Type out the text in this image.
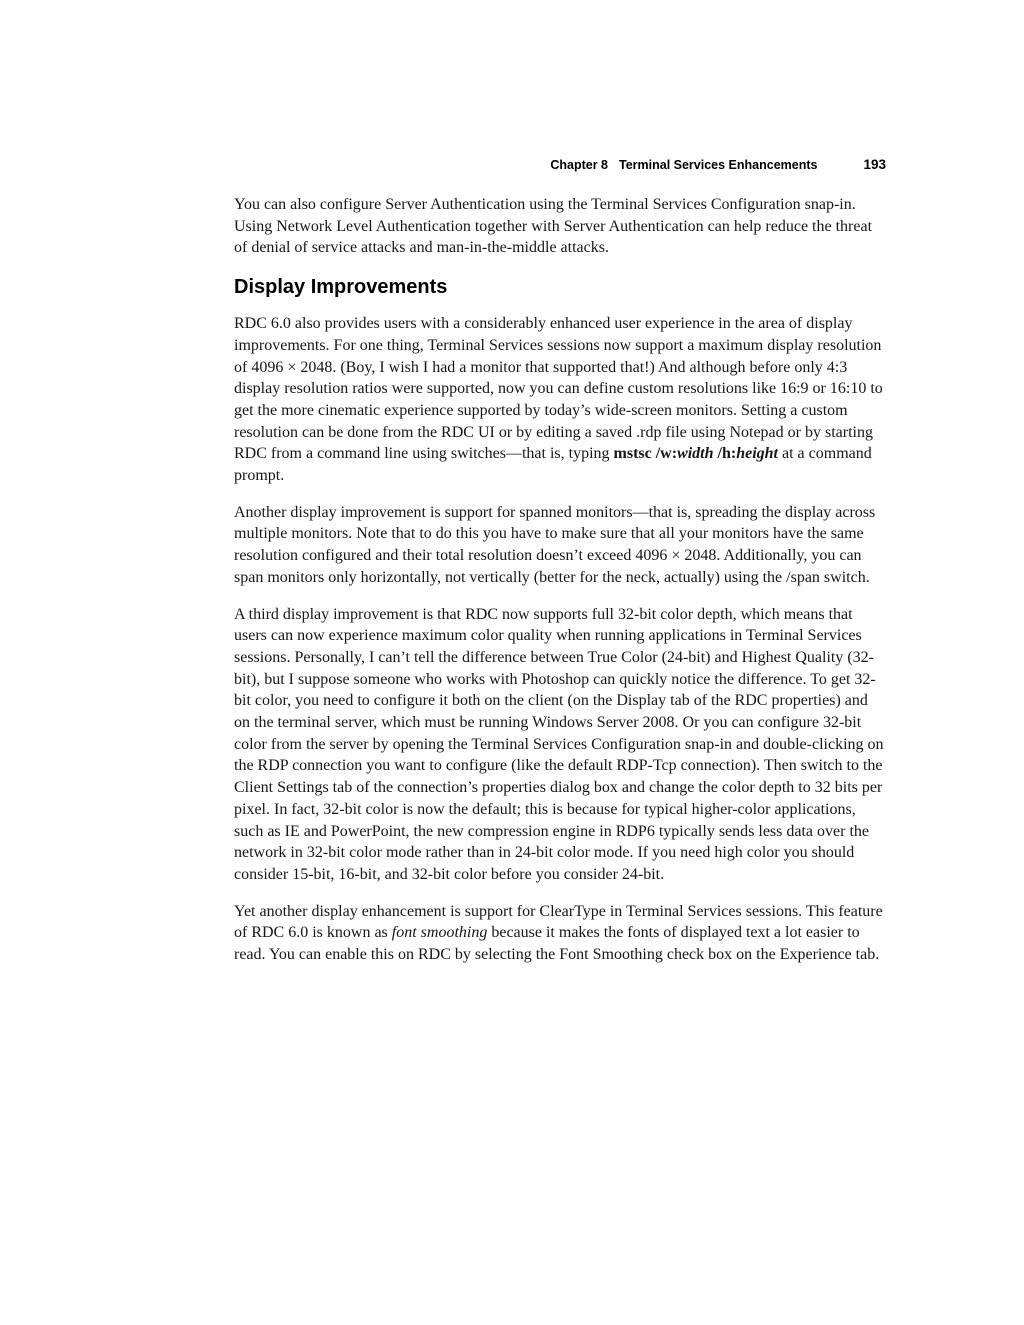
Chapter 8 Terminal Services Enhancements	193

You can also configure Server Authentication using the Terminal Services Configuration snap-in. Using Network Level Authentication together with Server Authentication can help reduce the threat of denial of service attacks and man-in-the-middle attacks.

Display Improvements

RDC 6.0 also provides users with a considerably enhanced user experience in the area of display improvements. For one thing, Terminal Services sessions now support a maximum display resolution of 4096 × 2048. (Boy, I wish I had a monitor that supported that!) And although before only 4:3 display resolution ratios were supported, now you can define custom resolutions like 16:9 or 16:10 to get the more cinematic experience supported by today’s wide-screen monitors. Setting a custom resolution can be done from the RDC UI or by editing a saved .rdp file using Notepad or by starting RDC from a command line using switches—that is, typing mstsc /w:width /h:height at a command prompt.

Another display improvement is support for spanned monitors—that is, spreading the display across multiple monitors. Note that to do this you have to make sure that all your monitors have the same resolution configured and their total resolution doesn’t exceed 4096 × 2048. Additionally, you can span monitors only horizontally, not vertically (better for the neck, actually) using the /span switch.

A third display improvement is that RDC now supports full 32-bit color depth, which means that users can now experience maximum color quality when running applications in Terminal Services sessions. Personally, I can’t tell the difference between True Color (24-bit) and Highest Quality (32-bit), but I suppose someone who works with Photoshop can quickly notice the difference. To get 32-bit color, you need to configure it both on the client (on the Display tab of the RDC properties) and on the terminal server, which must be running Windows Server 2008. Or you can configure 32-bit color from the server by opening the Terminal Services Configuration snap-in and double-clicking on the RDP connection you want to configure (like the default RDP-Tcp connection). Then switch to the Client Settings tab of the connection’s properties dialog box and change the color depth to 32 bits per pixel. In fact, 32-bit color is now the default; this is because for typical higher-color applications, such as IE and PowerPoint, the new compression engine in RDP6 typically sends less data over the network in 32-bit color mode rather than in 24-bit color mode. If you need high color you should consider 15-bit, 16-bit, and 32-bit color before you consider 24-bit.

Yet another display enhancement is support for ClearType in Terminal Services sessions. This feature of RDC 6.0 is known as font smoothing because it makes the fonts of displayed text a lot easier to read. You can enable this on RDC by selecting the Font Smoothing check box on the Experience tab.
